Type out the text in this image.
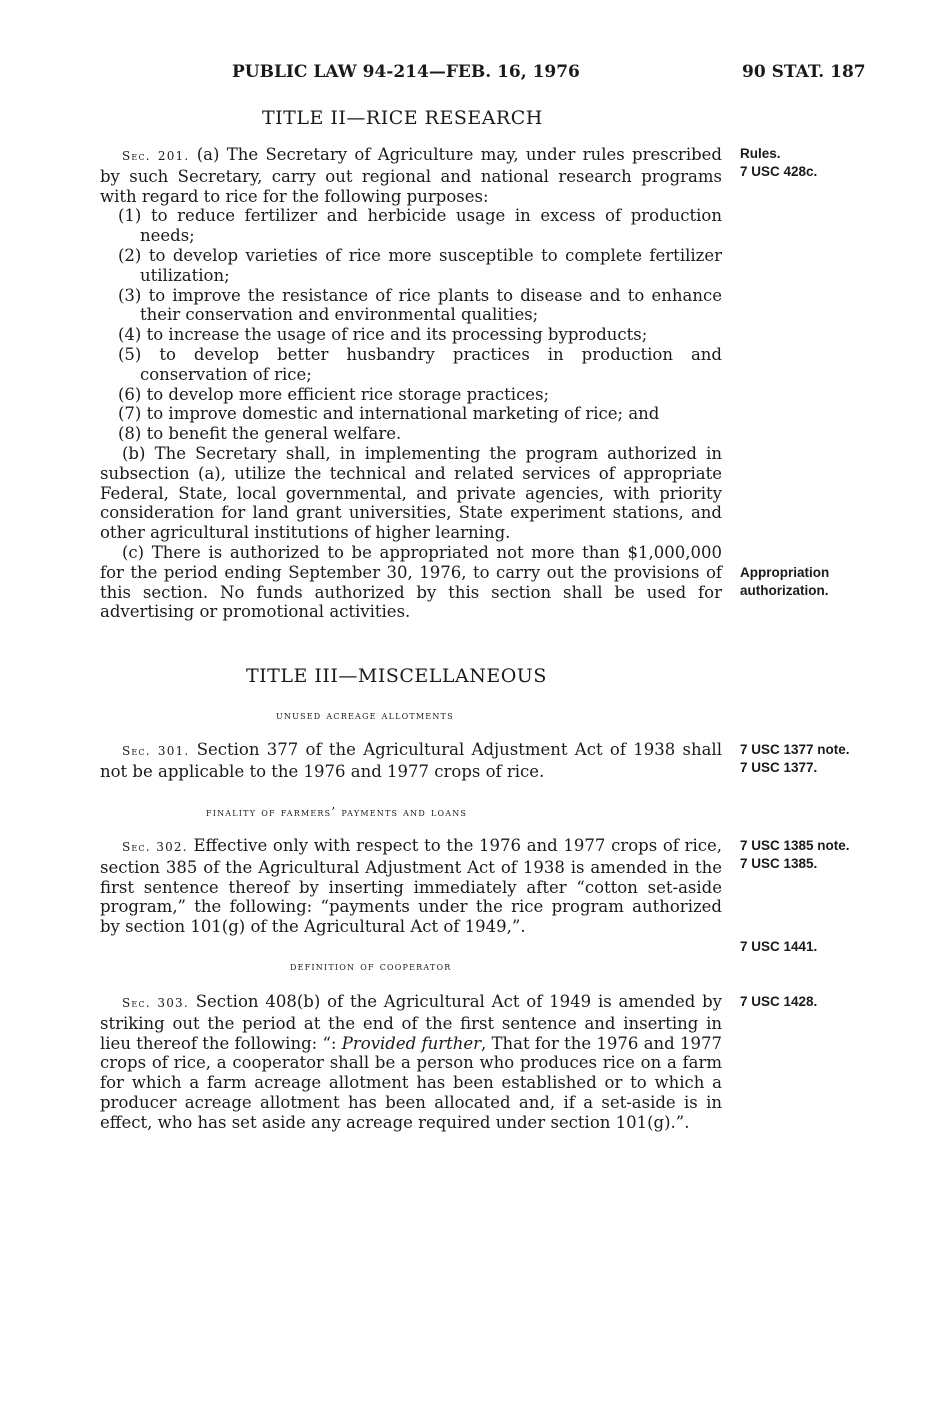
PUBLIC LAW 94-214—FEB. 16, 1976	90 STAT. 187
TITLE II—RICE RESEARCH

Sec. 201. (a) The Secretary of Agriculture may, under rules prescribed by such Secretary, carry out regional and national research programs with regard to rice for the following purposes:

(1) to reduce fertilizer and herbicide usage in excess of production needs;

(2) to develop varieties of rice more susceptible to complete fertilizer utilization;

(3) to improve the resistance of rice plants to disease and to enhance their conservation and environmental qualities;

(4) to increase the usage of rice and its processing byproducts;

(5) to develop better husbandry practices in production and conservation of rice;

(6) to develop more efficient rice storage practices;

(7) to improve domestic and international marketing of rice; and

(8) to benefit the general welfare.

(b) The Secretary shall, in implementing the program authorized in subsection (a), utilize the technical and related services of appropriate Federal, State, local governmental, and private agencies, with priority consideration for land grant universities, State experiment stations, and other agricultural institutions of higher learning.

(c) There is authorized to be appropriated not more than $1,000,000 for the period ending September 30, 1976, to carry out the provisions of this section. No funds authorized by this section shall be used for advertising or promotional activities.

Rules.
7 USC 428c.
Appropriation
authorization.
TITLE III—MISCELLANEOUS
unused acreage allotments

Sec. 301. Section 377 of the Agricultural Adjustment Act of 1938 shall not be applicable to the 1976 and 1977 crops of rice.

7 USC 1377 note.
7 USC 1377.
finality of farmers’ payments and loans

Sec. 302. Effective only with respect to the 1976 and 1977 crops of rice, section 385 of the Agricultural Adjustment Act of 1938 is amended in the first sentence thereof by inserting immediately after “cotton set-aside program,” the following: “payments under the rice program authorized by section 101(g) of the Agricultural Act of 1949,”.

7 USC 1385 note.
7 USC 1385.
7 USC 1441.
definition of cooperator

Sec. 303. Section 408(b) of the Agricultural Act of 1949 is amended by striking out the period at the end of the first sentence and inserting in lieu thereof the following: “: Provided further, That for the 1976 and 1977 crops of rice, a cooperator shall be a person who produces rice on a farm for which a farm acreage allotment has been established or to which a producer acreage allotment has been allocated and, if a set-aside is in effect, who has set aside any acreage required under section 101(g).”.

7 USC 1428.
